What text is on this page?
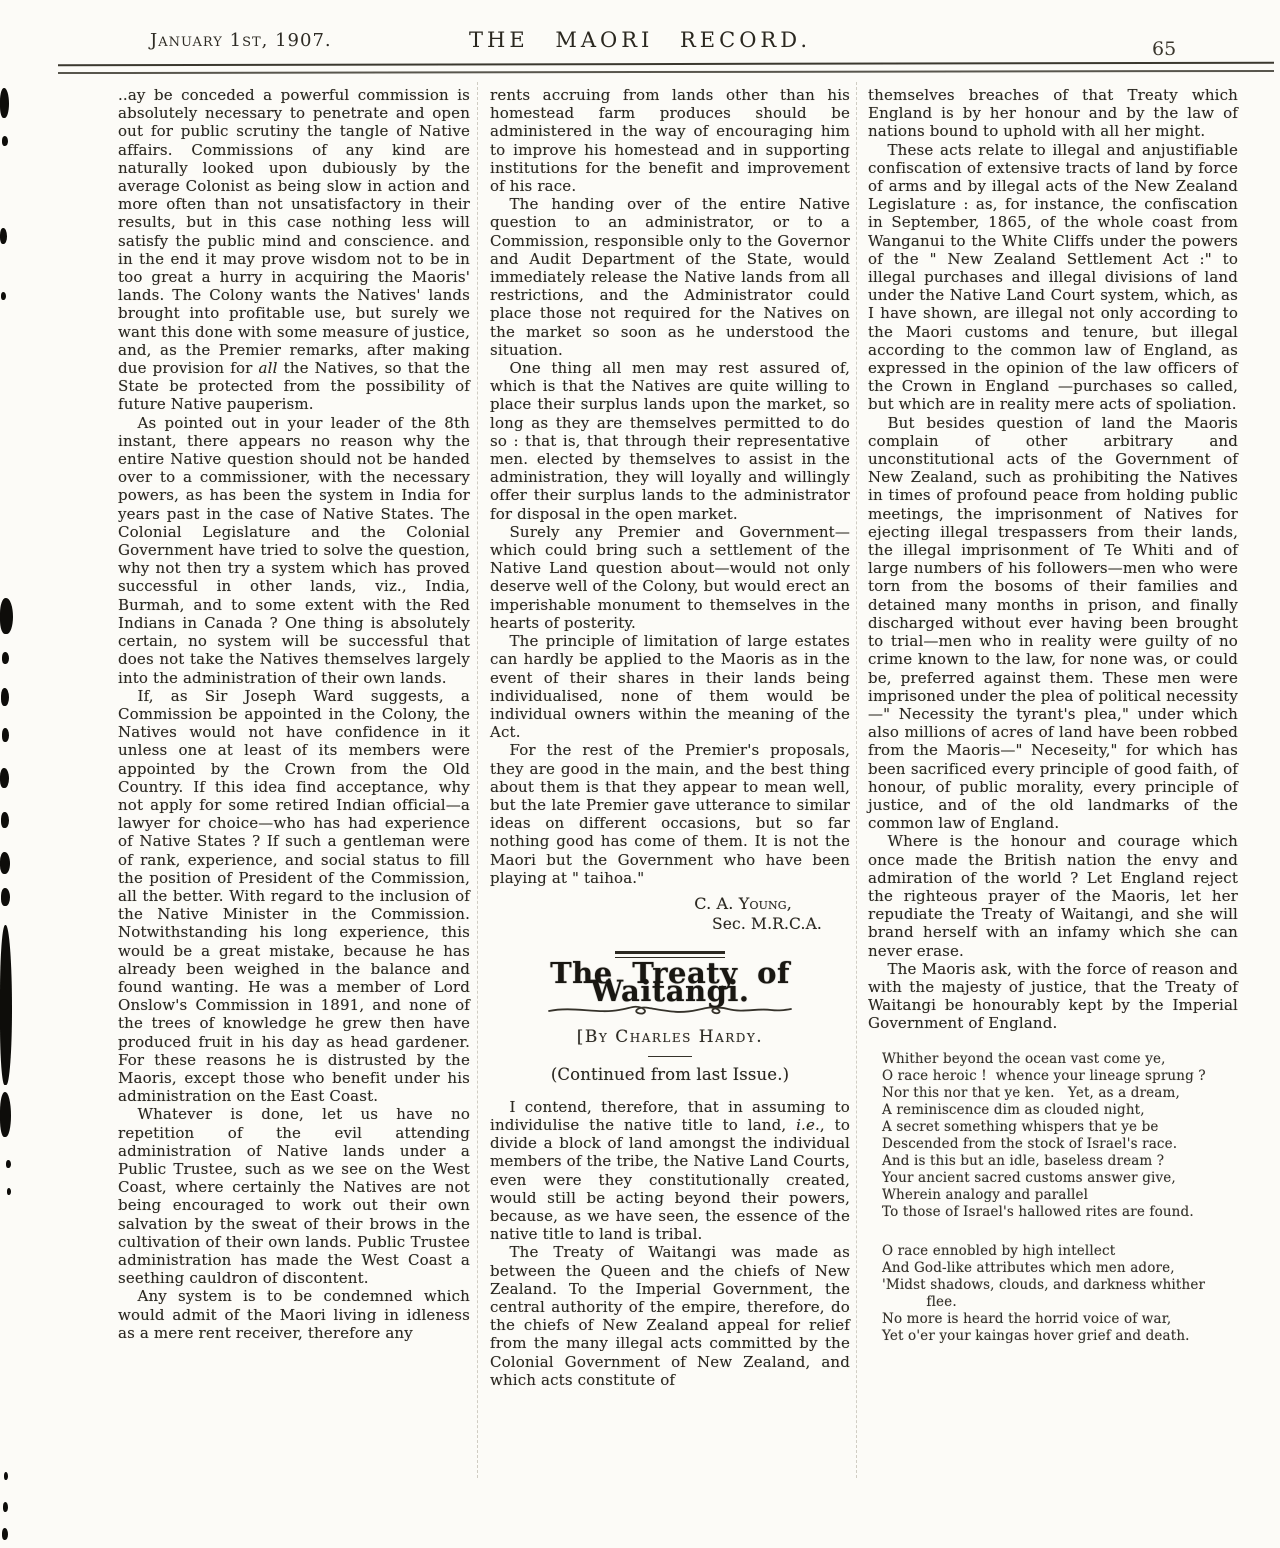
January 1st, 1907.	THE MAORI RECORD.	65

..ay be conceded a powerful commission is absolutely necessary to penetrate and open out for public scrutiny the tangle of Native affairs. Commissions of any kind are naturally looked upon dubiously by the average Colonist as being slow in action and more often than not unsatisfactory in their results, but in this case nothing less will satisfy the public mind and conscience. and in the end it may prove wisdom not to be in too great a hurry in acquiring the Maoris' lands. The Colony wants the Natives' lands brought into profitable use, but surely we want this done with some measure of justice, and, as the Premier remarks, after making due provision for all the Natives, so that the State be protected from the possibility of future Native pauperism.

As pointed out in your leader of the 8th instant, there appears no reason why the entire Native question should not be handed over to a commissioner, with the necessary powers, as has been the system in India for years past in the case of Native States. The Colonial Legislature and the Colonial Government have tried to solve the question, why not then try a system which has proved successful in other lands, viz., India, Burmah, and to some extent with the Red Indians in Canada ? One thing is absolutely certain, no system will be successful that does not take the Natives themselves largely into the administration of their own lands.

If, as Sir Joseph Ward suggests, a Commission be appointed in the Colony, the Natives would not have confidence in it unless one at least of its members were appointed by the Crown from the Old Country. If this idea find acceptance, why not apply for some retired Indian official—a lawyer for choice—who has had experience of Native States ? If such a gentleman were of rank, experience, and social status to fill the position of President of the Commission, all the better. With regard to the inclusion of the Native Minister in the Commission. Notwithstanding his long experience, this would be a great mistake, because he has already been weighed in the balance and found wanting. He was a member of Lord Onslow's Commission in 1891, and none of the trees of knowledge he grew then have produced fruit in his day as head gardener. For these reasons he is distrusted by the Maoris, except those who benefit under his administration on the East Coast.

Whatever is done, let us have no repetition of the evil attending administration of Native lands under a Public Trustee, such as we see on the West Coast, where certainly the Natives are not being encouraged to work out their own salvation by the sweat of their brows in the cultivation of their own lands. Public Trustee administration has made the West Coast a seething cauldron of discontent.

Any system is to be condemned which would admit of the Maori living in idleness as a mere rent receiver, therefore any

rents accruing from lands other than his homestead farm produces should be administered in the way of encouraging him to improve his homestead and in supporting institutions for the benefit and improvement of his race.

The handing over of the entire Native question to an administrator, or to a Commission, responsible only to the Governor and Audit Department of the State, would immediately release the Native lands from all restrictions, and the Administrator could place those not required for the Natives on the market so soon as he understood the situation.

One thing all men may rest assured of, which is that the Natives are quite willing to place their surplus lands upon the market, so long as they are themselves permitted to do so : that is, that through their representative men. elected by themselves to assist in the administration, they will loyally and willingly offer their surplus lands to the administrator for disposal in the open market.

Surely any Premier and Government—which could bring such a settlement of the Native Land question about—would not only deserve well of the Colony, but would erect an imperishable monument to themselves in the hearts of posterity.

The principle of limitation of large estates can hardly be applied to the Maoris as in the event of their shares in their lands being individualised, none of them would be individual owners within the meaning of the Act.

For the rest of the Premier's proposals, they are good in the main, and the best thing about them is that they appear to mean well, but the late Premier gave utterance to similar ideas on different occasions, but so far nothing good has come of them. It is not the Maori but the Government who have been playing at " taihoa."

C. A. Young,
Sec. M.R.C.A.
The Treaty of Waitangi.
[By Charles Hardy.
(Continued from last Issue.)

I contend, therefore, that in assuming to individulise the native title to land, i.e., to divide a block of land amongst the individual members of the tribe, the Native Land Courts, even were they constitutionally created, would still be acting beyond their powers, because, as we have seen, the essence of the native title to land is tribal.

The Treaty of Waitangi was made as between the Queen and the chiefs of New Zealand. To the Imperial Government, the central authority of the empire, therefore, do the chiefs of New Zealand appeal for relief from the many illegal acts committed by the Colonial Government of New Zealand, and which acts constitute of

themselves breaches of that Treaty which England is by her honour and by the law of nations bound to uphold with all her might.

These acts relate to illegal and anjustifiable confiscation of extensive tracts of land by force of arms and by illegal acts of the New Zealand Legislature : as, for instance, the confiscation in September, 1865, of the whole coast from Wanganui to the White Cliffs under the powers of the " New Zealand Settlement Act :" to illegal purchases and illegal divisions of land under the Native Land Court system, which, as I have shown, are illegal not only according to the Maori customs and tenure, but illegal according to the common law of England, as expressed in the opinion of the law officers of the Crown in England —purchases so called, but which are in reality mere acts of spoliation.

But besides question of land the Maoris complain of other arbitrary and unconstitutional acts of the Government of New Zealand, such as prohibiting the Natives in times of profound peace from holding public meetings, the imprisonment of Natives for ejecting illegal trespassers from their lands, the illegal imprisonment of Te Whiti and of large numbers of his followers—men who were torn from the bosoms of their families and detained many months in prison, and finally discharged without ever having been brought to trial—men who in reality were guilty of no crime known to the law, for none was, or could be, preferred against them. These men were imprisoned under the plea of political necessity—" Necessity the tyrant's plea," under which also millions of acres of land have been robbed from the Maoris—" Neceseity," for which has been sacrificed every principle of good faith, of honour, of public morality, every principle of justice, and of the old landmarks of the common law of England.

Where is the honour and courage which once made the British nation the envy and admiration of the world ? Let England reject the righteous prayer of the Maoris, let her repudiate the Treaty of Waitangi, and she will brand herself with an infamy which she can never erase.

The Maoris ask, with the force of reason and with the majesty of justice, that the Treaty of Waitangi be honourably kept by the Imperial Government of England.

Whither beyond the ocean vast come ye,
O race heroic !  whence your lineage sprung ?
Nor this nor that ye ken.   Yet, as a dream,
A reminiscence dim as clouded night,
A secret something whispers that ye be
Descended from the stock of Israel's race.
And is this but an idle, baseless dream ?
Your ancient sacred customs answer give,
Wherein analogy and parallel
To those of Israel's hallowed rites are found.
O race ennobled by high intellect
And God-like attributes which men adore,
'Midst shadows, clouds, and darkness whither
flee.
No more is heard the horrid voice of war,
Yet o'er your kaingas hover grief and death.
